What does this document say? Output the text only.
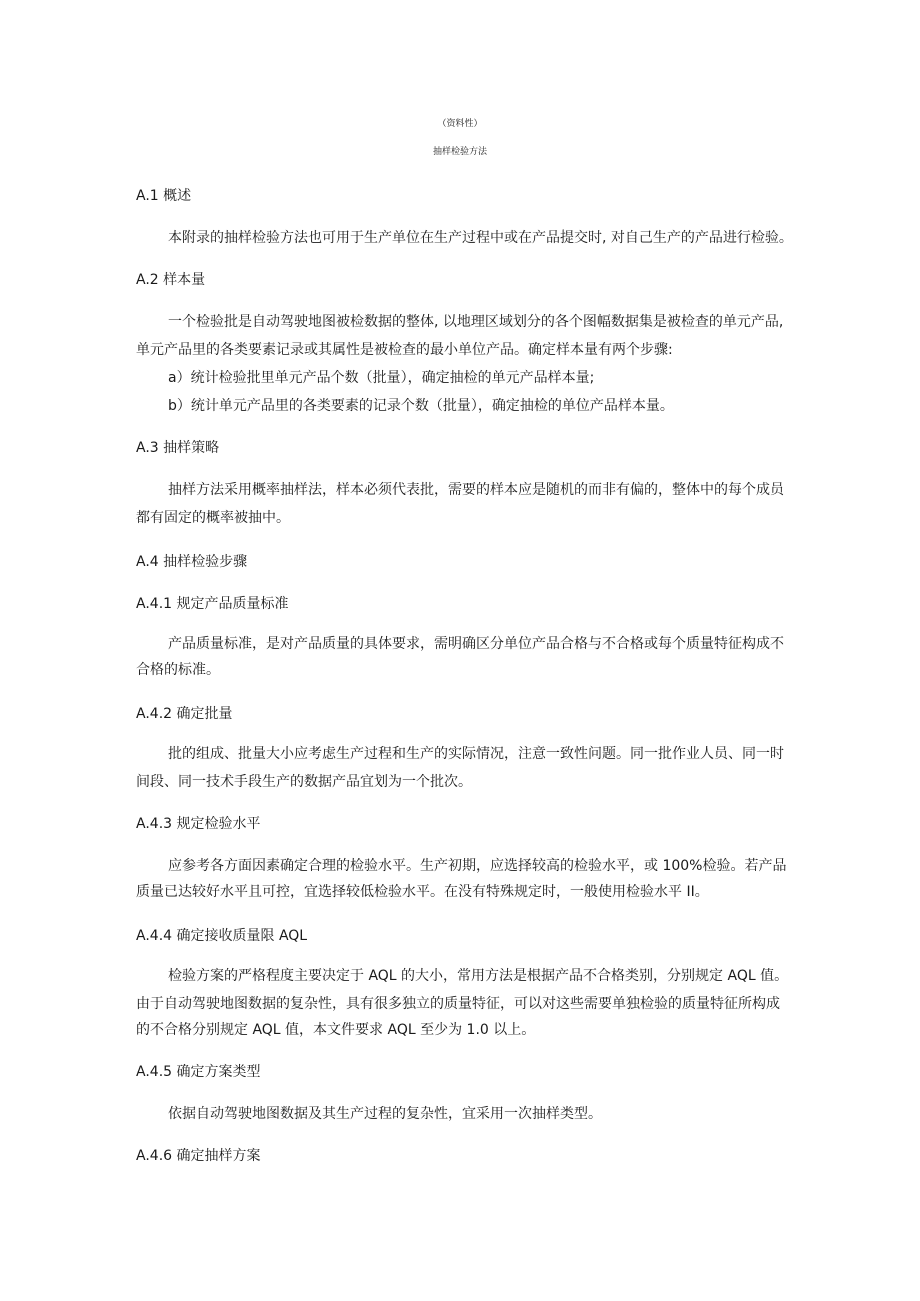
（资料性）
抽样检验方法
A.1 概述
本附录的抽样检验方法也可用于生产单位在生产过程中或在产品提交时, 对自己生产的产品进行检验。
A.2 样本量
一个检验批是自动驾驶地图被检数据的整体, 以地理区域划分的各个图幅数据集是被检查的单元产品,
单元产品里的各类要素记录或其属性是被检查的最小单位产品。确定样本量有两个步骤:
a）统计检验批里单元产品个数（批量），确定抽检的单元产品样本量;
b）统计单元产品里的各类要素的记录个数（批量），确定抽检的单位产品样本量。
A.3 抽样策略
抽样方法采用概率抽样法，样本必须代表批，需要的样本应是随机的而非有偏的，整体中的每个成员
都有固定的概率被抽中。
A.4 抽样检验步骤
A.4.1 规定产品质量标准
产品质量标准，是对产品质量的具体要求，需明确区分单位产品合格与不合格或每个质量特征构成不
合格的标准。
A.4.2 确定批量
批的组成、批量大小应考虑生产过程和生产的实际情况，注意一致性问题。同一批作业人员、同一时
间段、同一技术手段生产的数据产品宜划为一个批次。
A.4.3 规定检验水平
应参考各方面因素确定合理的检验水平。生产初期，应选择较高的检验水平，或 100%检验。若产品
质量已达较好水平且可控，宜选择较低检验水平。在没有特殊规定时，一般使用检验水平 II。
A.4.4 确定接收质量限 AQL
检验方案的严格程度主要决定于 AQL 的大小，常用方法是根据产品不合格类别，分别规定 AQL 值。
由于自动驾驶地图数据的复杂性，具有很多独立的质量特征，可以对这些需要单独检验的质量特征所构成
的不合格分别规定 AQL 值，本文件要求 AQL 至少为 1.0 以上。
A.4.5 确定方案类型
依据自动驾驶地图数据及其生产过程的复杂性，宜采用一次抽样类型。
A.4.6 确定抽样方案
